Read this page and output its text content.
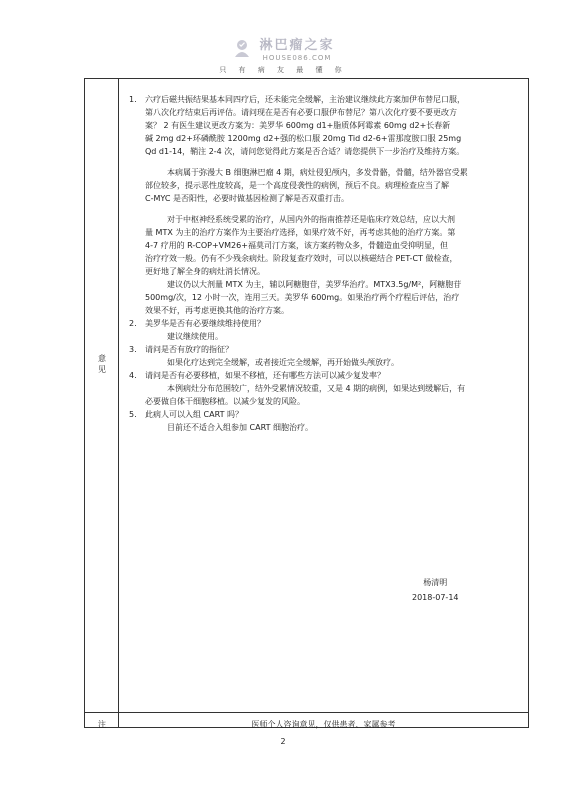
淋巴瘤之家
HOUSE086.COM
只 有 病 友 最 懂 你
意
见
注
1.	六疗后磁共振结果基本同四疗后，还未能完全缓解，主治建议继续此方案加伊布替尼口服，
第八次化疗结束后再评估。请问现在是否有必要口服伊布替尼？第八次化疗要不要更改方
案？ 2 有医生建议更改方案为：美罗华 600mg d1+脂质体阿霉素 60mg d2+长春新
碱 2mg d2+环磷酰胺 1200mg d2+强的松口服 20mg Tid d2-6+雷那度胺口服 25mg
Qd d1-14，鞘注 2-4 次，请问您觉得此方案是否合适？请您提供下一步治疗及维持方案。
本病属于弥漫大 B 细胞淋巴瘤 4 期，病灶侵犯颅内，多发骨骼，骨髓，结外器官受累
部位较多，提示恶性度较高，是一个高度侵袭性的病例，预后不良。病理检查应当了解
C-MYC 是否阳性，必要时做基因检测了解是否双重打击。
对于中枢神经系统受累的治疗，从国内外的指南推荐还是临床疗效总结，应以大剂
量 MTX 为主的治疗方案作为主要治疗选择，如果疗效不好，再考虑其他的治疗方案。第
4-7 疗用的 R-COP+VM26+福莫司汀方案，该方案药物众多，骨髓造血受抑明显，但
治疗疗效一般。仍有不少残余病灶。阶段复查疗效时，可以以核磁结合 PET-CT 做检查，
更好地了解全身的病灶消长情况。
建议仍以大剂量 MTX 为主，辅以阿糖胞苷，美罗华治疗。MTX3.5g/M²，阿糖胞苷
500mg/次，12 小时一次，连用三天。美罗华 600mg。如果治疗两个疗程后评估，治疗
效果不好，再考虑更换其他的治疗方案。
2.	美罗华是否有必要继续维持使用？
建议继续使用。
3.	请问是否有放疗的指征？
如果化疗达到完全缓解，或者接近完全缓解，再开始做头颅放疗。
4.	请问是否有必要移植，如果不移植，还有哪些方法可以减少复发率？
本例病灶分布范围较广，结外受累情况较重，又是 4 期的病例，如果达到缓解后，有
必要做自体干细胞移植。以减少复发的风险。
5.	此病人可以入组 CART 吗？
目前还不适合入组参加 CART 细胞治疗。
杨清明
2018-07-14
医师个人咨询意见，仅供患者、家属参考
2
